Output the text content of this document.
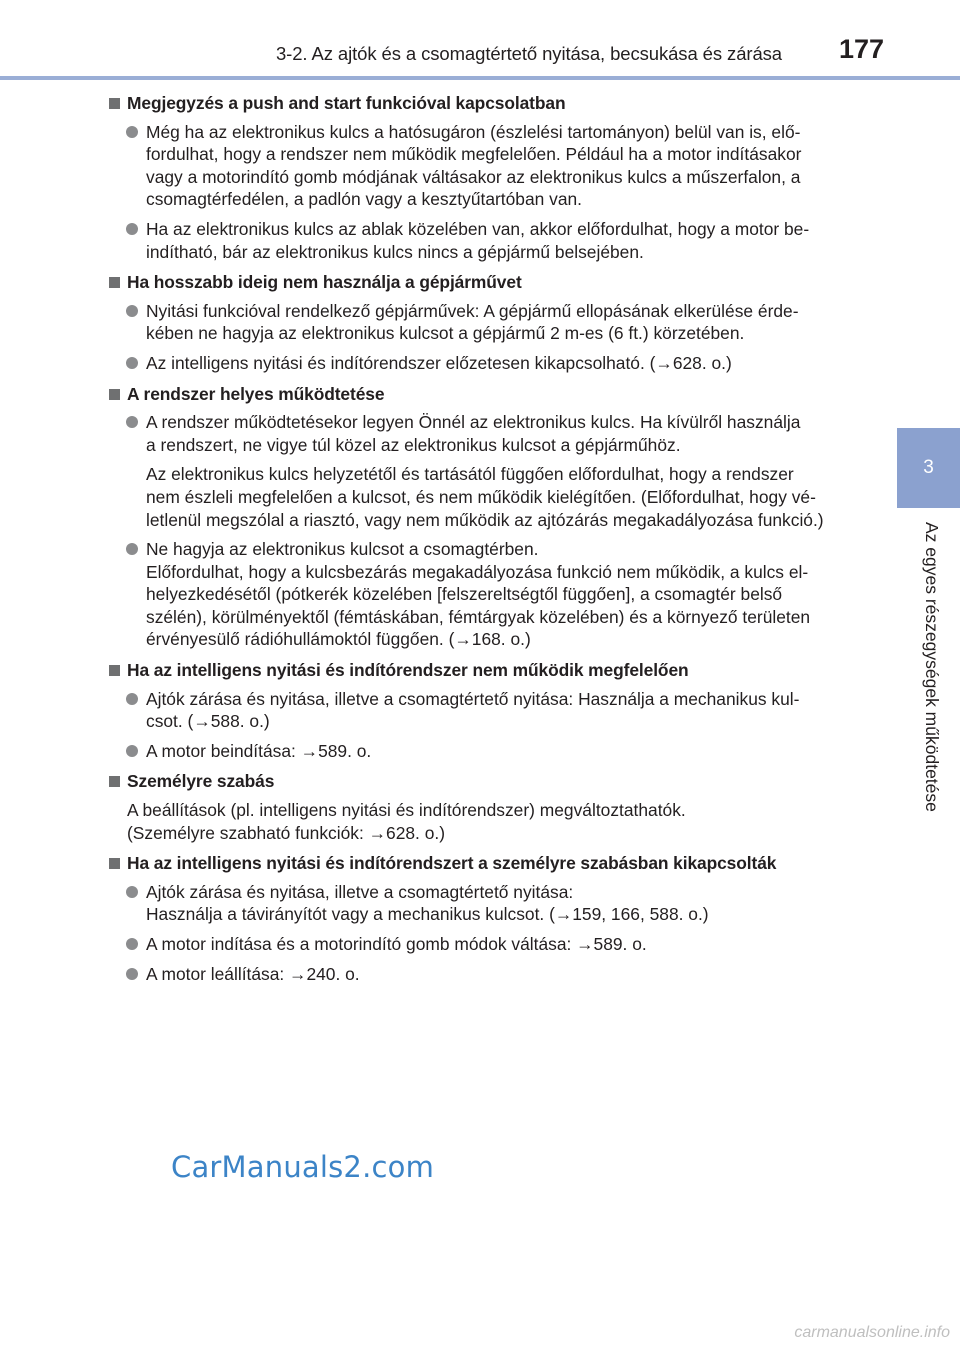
3-2. Az ajtók és a csomagtértető nyitása, becsukása és zárása 177
3
Az egyes részegységek működtetése
Megjegyzés a push and start funkcióval kapcsolatban
Még ha az elektronikus kulcs a hatósugáron (észlelési tartományon) belül van is, elő-
fordulhat, hogy a rendszer nem működik megfelelően. Például ha a motor indításakor
vagy a motorindító gomb módjának váltásakor az elektronikus kulcs a műszerfalon, a
csomagtérfedélen, a padlón vagy a kesztyűtartóban van.
Ha az elektronikus kulcs az ablak közelében van, akkor előfordulhat, hogy a motor be-
indítható, bár az elektronikus kulcs nincs a gépjármű belsejében.
Ha hosszabb ideig nem használja a gépjárművet
Nyitási funkcióval rendelkező gépjárművek: A gépjármű ellopásának elkerülése érde-
kében ne hagyja az elektronikus kulcsot a gépjármű 2 m-es (6 ft.) körzetében.
Az intelligens nyitási és indítórendszer előzetesen kikapcsolható. (→628. o.)
A rendszer helyes működtetése
A rendszer működtetésekor legyen Önnél az elektronikus kulcs. Ha kívülről használja
a rendszert, ne vigye túl közel az elektronikus kulcsot a gépjárműhöz.
Az elektronikus kulcs helyzetétől és tartásától függően előfordulhat, hogy a rendszer
nem észleli megfelelően a kulcsot, és nem működik kielégítően. (Előfordulhat, hogy vé-
letlenül megszólal a riasztó, vagy nem működik az ajtózárás megakadályozása funkció.)
Ne hagyja az elektronikus kulcsot a csomagtérben.
Előfordulhat, hogy a kulcsbezárás megakadályozása funkció nem működik, a kulcs el-
helyezkedésétől (pótkerék közelében [felszereltségtől függően], a csomagtér belső
szélén), körülményektől (fémtáskában, fémtárgyak közelében) és a környező területen
érvényesülő rádióhullámoktól függően. (→168. o.)
Ha az intelligens nyitási és indítórendszer nem működik megfelelően
Ajtók zárása és nyitása, illetve a csomagtértető nyitása: Használja a mechanikus kul-
csot. (→588. o.)
A motor beindítása: →589. o.
Személyre szabás
A beállítások (pl. intelligens nyitási és indítórendszer) megváltoztathatók.
(Személyre szabható funkciók: →628. o.)
Ha az intelligens nyitási és indítórendszert a személyre szabásban kikapcsolták
Ajtók zárása és nyitása, illetve a csomagtértető nyitása:
Használja a távirányítót vagy a mechanikus kulcsot. (→159, 166, 588. o.)
A motor indítása és a motorindító gomb módok váltása: →589. o.
A motor leállítása: →240. o.
CarManuals2.com
carmanualsonline.info
